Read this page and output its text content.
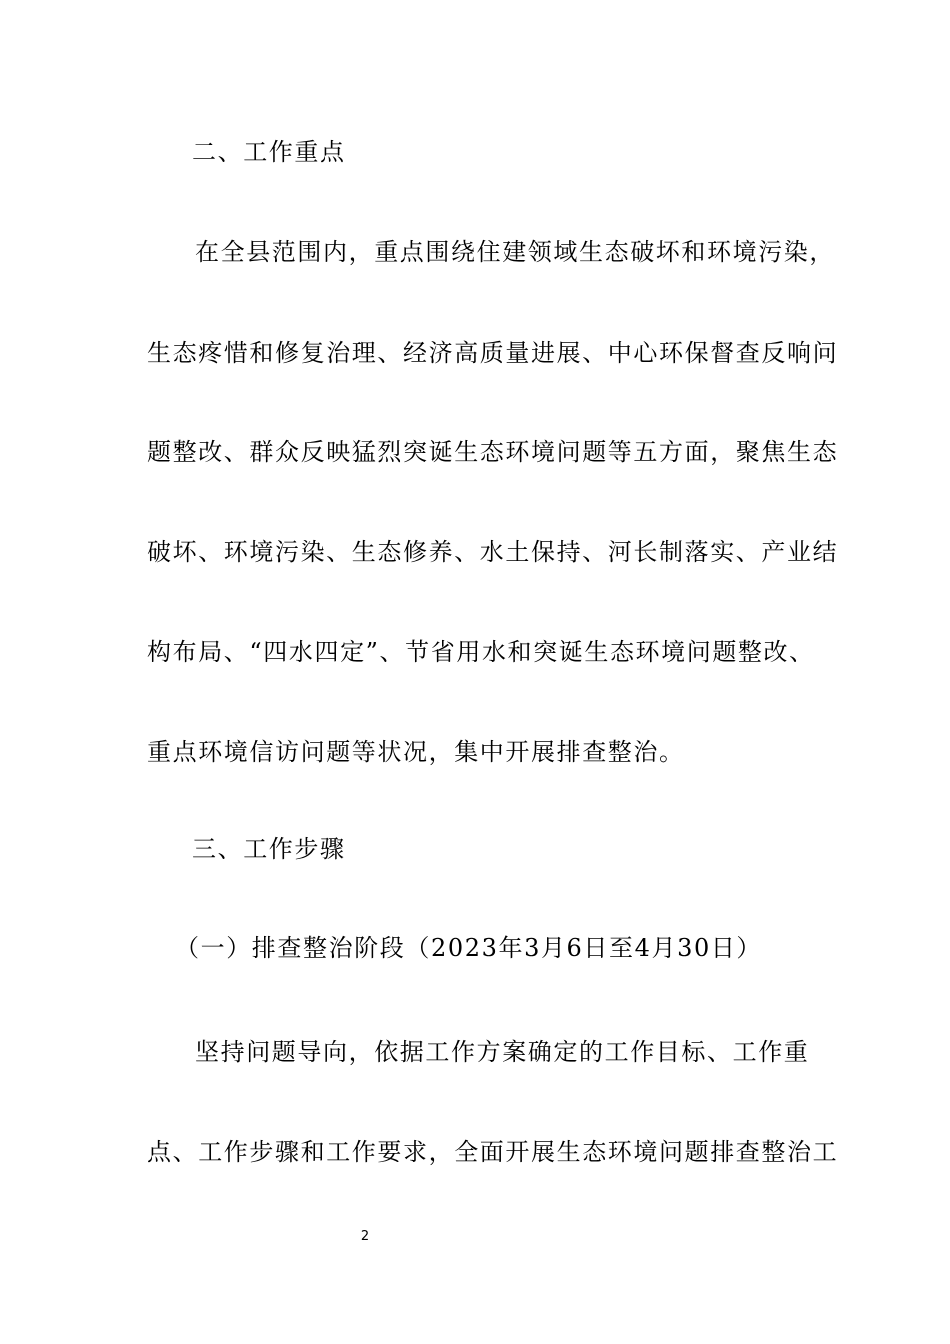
二、工作重点
在全县范围内，重点围绕住建领域生态破坏和环境污染，
生态疼惜和修复治理、经济高质量进展、中心环保督查反响问
题整改、群众反映猛烈突诞生态环境问题等五方面，聚焦生态
破坏、环境污染、生态修养、水土保持、河长制落实、产业结
构布局、“四水四定”、节省用水和突诞生态环境问题整改、
重点环境信访问题等状况，集中开展排查整治。
三、工作步骤
（一）排查整治阶段（2023年3月6日至4月30日）
坚持问题导向，依据工作方案确定的工作目标、工作重
点、工作步骤和工作要求，全面开展生态环境问题排查整治工
2
